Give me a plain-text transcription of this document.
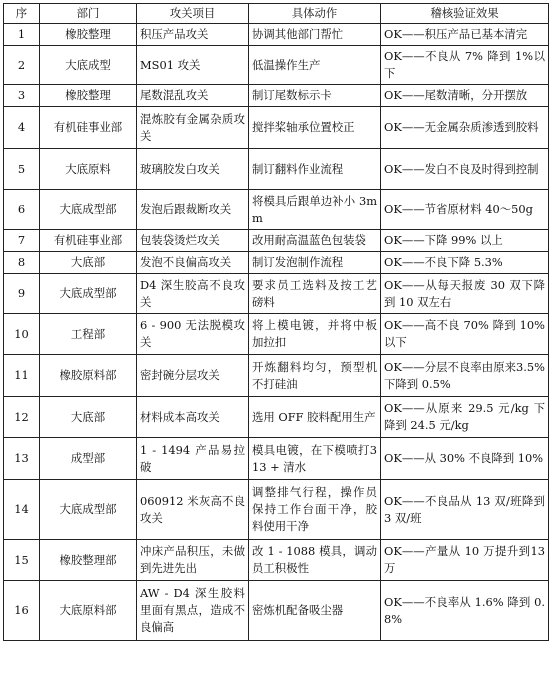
序	部门	攻关项目	具体动作	稽核验证效果
1	橡胶整理	积压产品攻关	协调其他部门帮忙	OK——积压产品已基本清完
2	大底成型	MS01 攻关	低温操作生产	OK——不良从 7% 降到 1%以下
3	橡胶整理	尾数混乱攻关	制订尾数标示卡	OK——尾数清晰，分开摆放
4	有机硅事业部	混炼胶有金属杂质攻关	搅拌桨轴承位置校正	OK——无金属杂质渗透到胶料
5	大底原料	玻璃胶发白攻关	制订翻料作业流程	OK——发白不良及时得到控制
6	大底成型部	发泡后跟裁断攻关	将模具后跟单边补小 3mm	OK——节省原材料 40～50g
7	有机硅事业部	包装袋烫烂攻关	改用耐高温蓝色包装袋	OK——下降 99% 以上
8	大底部	发泡不良偏高攻关	制订发泡制作流程	OK——不良下降 5.3%
9	大底成型部	D4 深生胶高不良攻关	要求员工选料及按工艺磅料	OK——从每天报废 30 双下降到 10 双左右
10	工程部	6 - 900 无法脱模攻关	将上模电镀，并将中板加拉扣	OK——高不良 70% 降到 10% 以下
11	橡胶原料部	密封碗分层攻关	开炼翻料均匀，预型机不打硅油	OK——分层不良率由原来3.5% 下降到 0.5%
12	大底部	材料成本高攻关	选用 OFF 胶料配用生产	OK——从原来 29.5 元/kg 下降到 24.5 元/kg
13	成型部	1 - 1494 产品易拉破	模具电镀，在下模喷打313 + 清水	OK——从 30% 不良降到 10%
14	大底成型部	060912 米灰高不良攻关	调整排气行程，操作员保持工作台面干净，胶料使用干净	OK——不良品从 13 双/班降到 3 双/班
15	橡胶整理部	冲床产品积压，未做到先进先出	改 1 - 1088 模具，调动员工积极性	OK——产量从 10 万提升到13 万
16	大底原料部	AW - D4 深生胶料里面有黑点，造成不良偏高	密炼机配备吸尘器	OK——不良率从 1.6% 降到 0.8%
